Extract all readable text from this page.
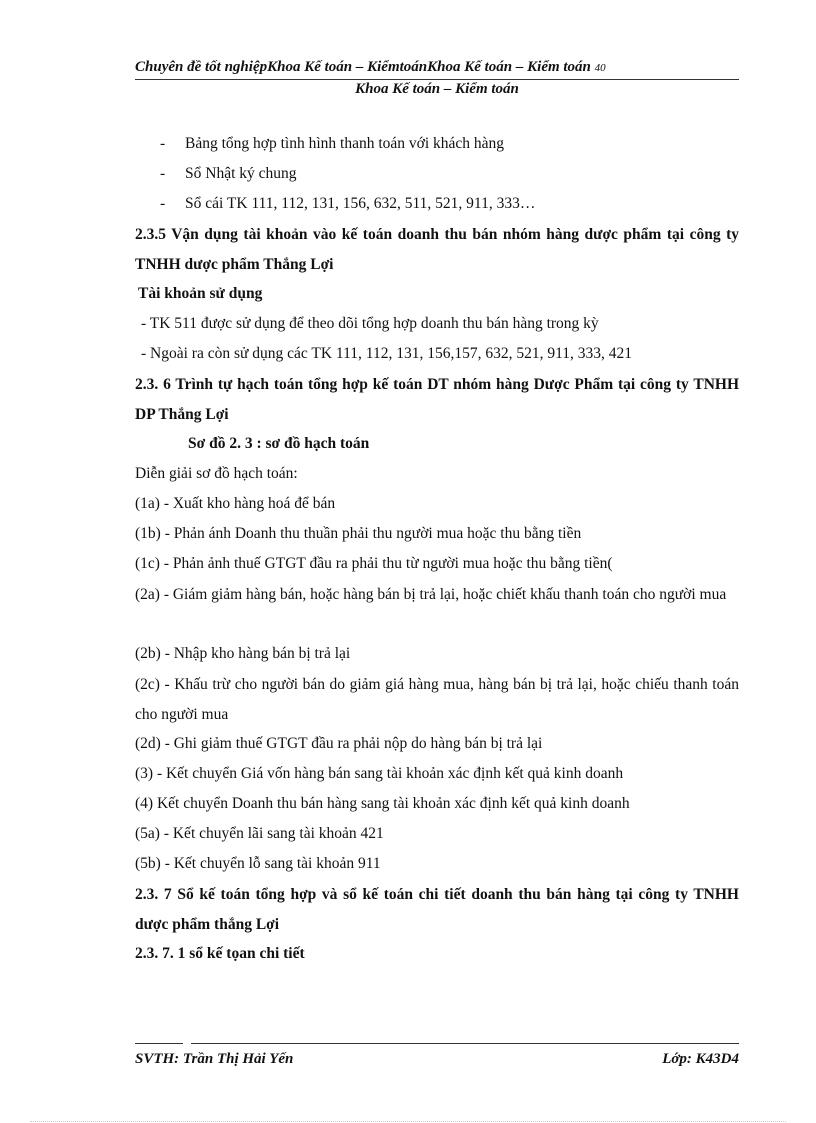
Chuyên đề tốt nghiệpKhoa Kế toán – KiểmtoánKhoa Kế toán – Kiểm toán 40
Khoa Kế toán – Kiểm toán
- Bảng tổng hợp tình hình thanh toán với khách hàng
- Sổ Nhật ký chung
- Sổ cái TK 111, 112, 131, 156, 632, 511, 521, 911, 333…
2.3.5 Vận dụng tài khoản vào kế toán doanh thu bán nhóm hàng dược phẩm tại công ty TNHH dược phẩm Thắng Lợi
Tài khoản sử dụng
- TK 511 được sử dụng để theo dõi tổng hợp doanh thu bán hàng trong kỳ
- Ngoài ra còn sử dụng các TK 111, 112, 131, 156,157, 632, 521, 911, 333, 421
2.3. 6 Trình tự hạch toán tổng hợp kế toán DT nhóm hàng Dược Phẩm tại công ty TNHH DP Thắng Lợi
Sơ đồ 2. 3 : sơ đồ hạch toán
Diễn giải sơ đồ hạch toán:
(1a) - Xuất kho hàng hoá để bán
(1b) - Phản ánh Doanh thu thuần phải thu người mua hoặc thu bằng tiền
(1c) - Phản ảnh thuế GTGT đầu ra phải thu từ người mua hoặc thu bằng tiền(
(2a) - Giám giảm hàng bán, hoặc hàng bán bị trả lại, hoặc chiết khấu thanh toán cho người mua
(2b) - Nhập kho hàng bán bị trả lại
(2c) - Khấu trừ cho người bán do giảm giá hàng mua, hàng bán bị trả lại, hoặc chiếu thanh toán cho người mua
(2d) - Ghi giảm thuế GTGT đầu ra phải nộp do hàng bán bị trả lại
(3) - Kết chuyển Giá vốn hàng bán sang tài khoản xác định kết quả kinh doanh
(4) Kết chuyển Doanh thu bán hàng sang tài khoản xác định kết quả kinh doanh
(5a) - Kết chuyển lãi sang tài khoản 421
(5b) - Kết chuyển lỗ sang tài khoản 911
2.3. 7 Sổ kế toán tổng hợp và sổ kế toán chi tiết doanh thu bán hàng tại công ty TNHH dược phẩm thắng Lợi
2.3. 7. 1 sổ kế tọan chi tiết
SVTH: Trần Thị Hải Yến	Lớp: K43D4
